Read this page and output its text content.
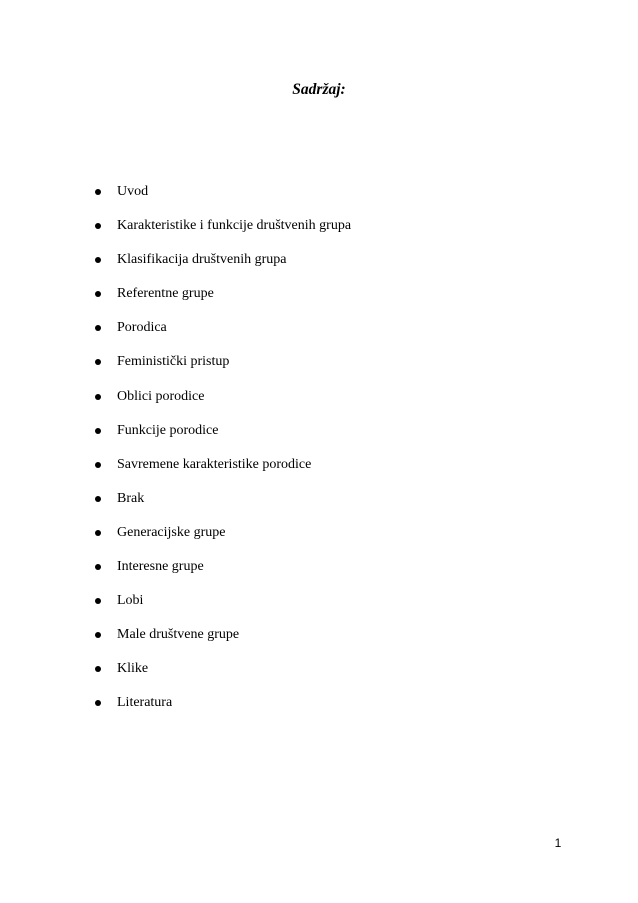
Sadržaj:
Uvod
Karakteristike i funkcije društvenih grupa
Klasifikacija društvenih grupa
Referentne grupe
Porodica
Feministički pristup
Oblici porodice
Funkcije porodice
Savremene karakteristike porodice
Brak
Generacijske grupe
Interesne grupe
Lobi
Male društvene grupe
Klike
Literatura
1
